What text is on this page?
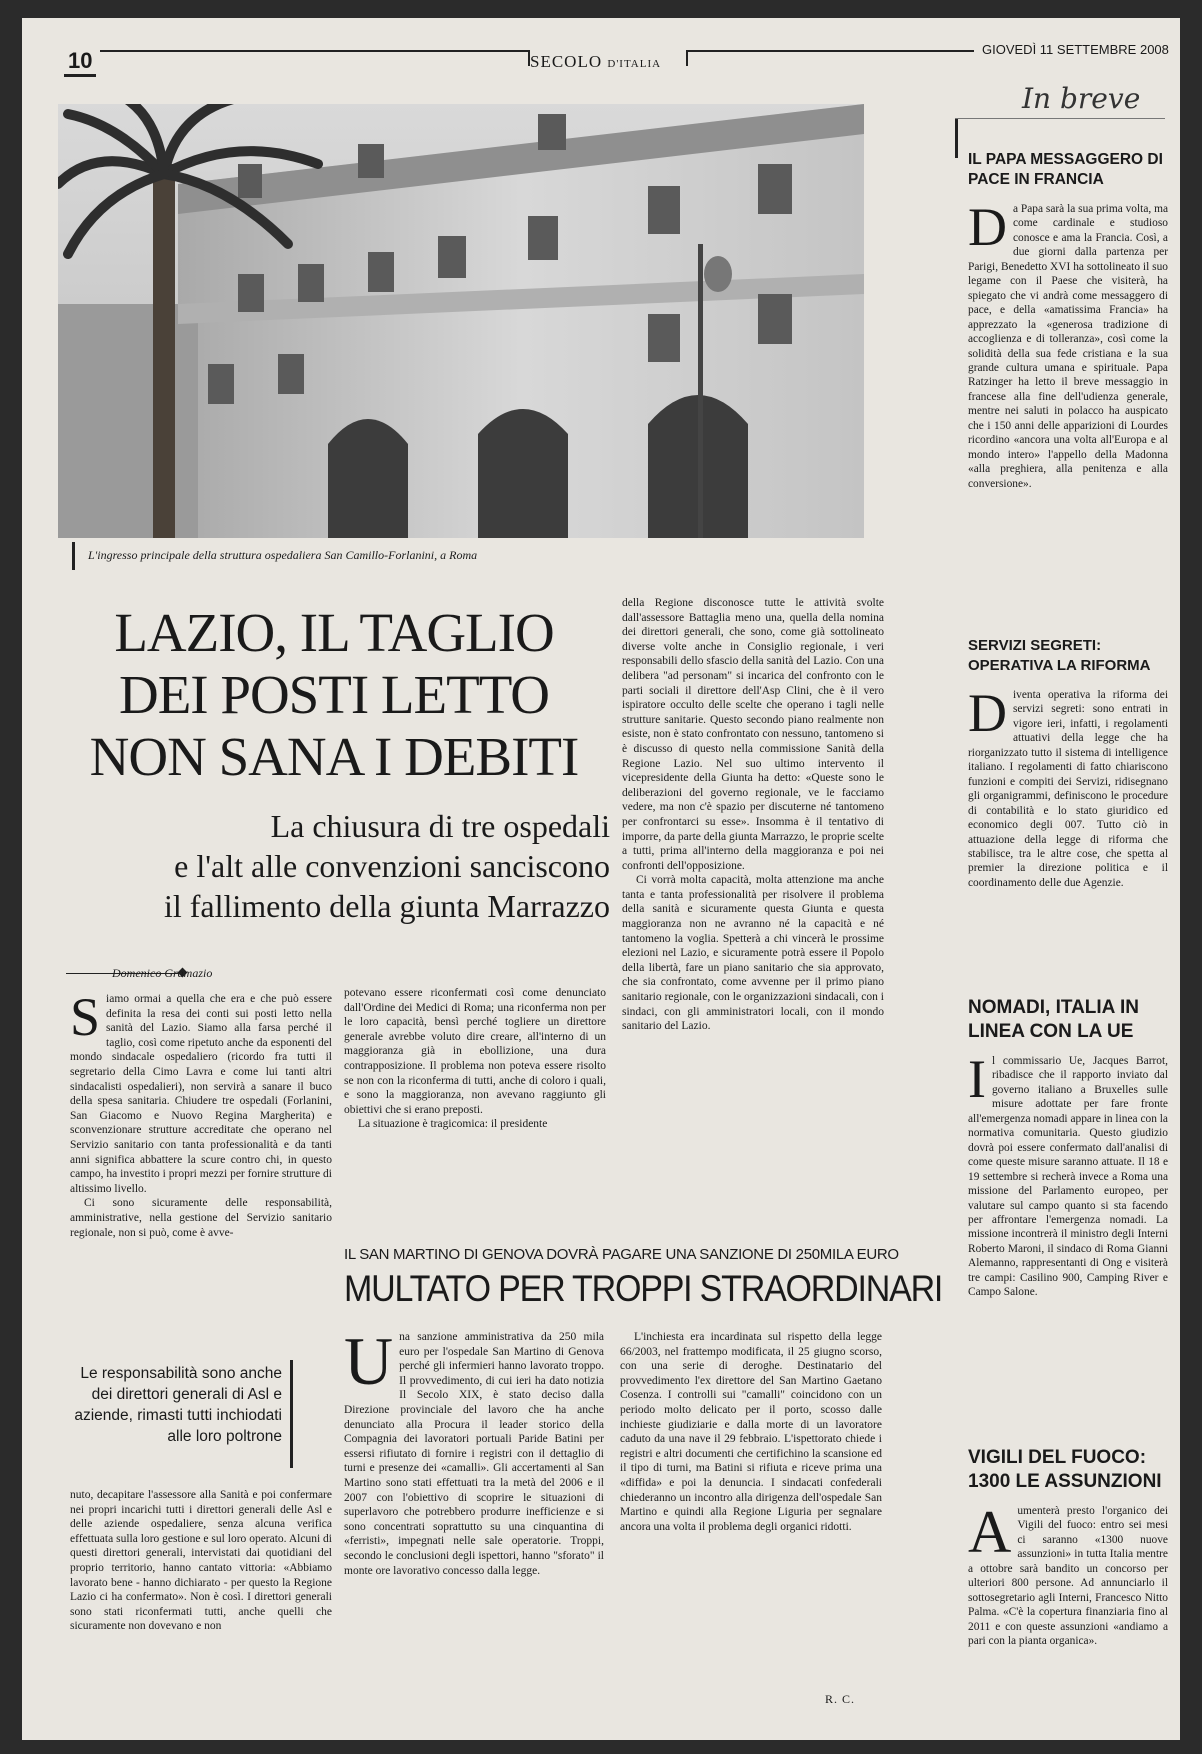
10	SECOLO D'ITALIA
GIOVEDÌ 11 SETTEMBRE 2008
In breve
L'ingresso principale della struttura ospedaliera San Camillo-Forlanini, a Roma
LAZIO, IL TAGLIO
DEI POSTI LETTO
NON SANA I DEBITI
La chiusura di tre ospedali
e l'alt alle convenzioni sanciscono
il fallimento della giunta Marrazzo
Domenico Gramazio

Siamo ormai a quella che era e che può essere definita la resa dei conti sui posti letto nella sanità del Lazio. Siamo alla farsa perché il taglio, così come ripetuto anche da esponenti del mondo sindacale ospedaliero (ricordo fra tutti il segretario della Cimo Lavra e come lui tanti altri sindacalisti ospedalieri), non servirà a sanare il buco della spesa sanitaria. Chiudere tre ospedali (Forlanini, San Giacomo e Nuovo Regina Margherita) e sconvenzionare strutture accreditate che operano nel Servizio sanitario con tanta professionalità e da tanti anni significa abbattere la scure contro chi, in questo campo, ha investito i propri mezzi per fornire strutture di altissimo livello.

Ci sono sicuramente delle responsabilità, amministrative, nella gestione del Servizio sanitario regionale, non si può, come è avve-

Le responsabilità sono anche dei direttori generali di Asl e aziende, rimasti tutti inchiodati alle loro poltrone

nuto, decapitare l'assessore alla Sanità e poi confermare nei propri incarichi tutti i direttori generali delle Asl e delle aziende ospedaliere, senza alcuna verifica effettuata sulla loro gestione e sul loro operato. Alcuni di questi direttori generali, intervistati dai quotidiani del proprio territorio, hanno cantato vittoria: «Abbiamo lavorato bene - hanno dichiarato - per questo la Regione Lazio ci ha confermato». Non è così. I direttori generali sono stati riconfermati tutti, anche quelli che sicuramente non dovevano e non

potevano essere riconfermati così come denunciato dall'Ordine dei Medici di Roma; una riconferma non per le loro capacità, bensì perché togliere un direttore generale avrebbe voluto dire creare, all'interno di un maggioranza già in ebollizione, una dura contrapposizione. Il problema non poteva essere risolto se non con la riconferma di tutti, anche di coloro i quali, e sono la maggioranza, non avevano raggiunto gli obiettivi che si erano preposti.

La situazione è tragicomica: il presidente

della Regione disconosce tutte le attività svolte dall'assessore Battaglia meno una, quella della nomina dei direttori generali, che sono, come già sottolineato diverse volte anche in Consiglio regionale, i veri responsabili dello sfascio della sanità del Lazio. Con una delibera "ad personam" si incarica del confronto con le parti sociali il direttore dell'Asp Clini, che è il vero ispiratore occulto delle scelte che operano i tagli nelle strutture sanitarie. Questo secondo piano realmente non esiste, non è stato confrontato con nessuno, tantomeno si è discusso di questo nella commissione Sanità della Regione Lazio. Nel suo ultimo intervento il vicepresidente della Giunta ha detto: «Queste sono le deliberazioni del governo regionale, ve le facciamo vedere, ma non c'è spazio per discuterne né tantomeno per confrontarci su esse». Insomma è il tentativo di imporre, da parte della giunta Marrazzo, le proprie scelte a tutti, prima all'interno della maggioranza e poi nei confronti dell'opposizione.

Ci vorrà molta capacità, molta attenzione ma anche tanta e tanta professionalità per risolvere il problema della sanità e sicuramente questa Giunta e questa maggioranza non ne avranno né la capacità e né tantomeno la voglia. Spetterà a chi vincerà le prossime elezioni nel Lazio, e sicuramente potrà essere il Popolo della libertà, fare un piano sanitario che sia approvato, che sia confrontato, come avvenne per il primo piano sanitario regionale, con le organizzazioni sindacali, con i sindaci, con gli amministratori locali, con il mondo sanitario del Lazio.

IL SAN MARTINO DI GENOVA DOVRÀ PAGARE UNA SANZIONE DI 250MILA EURO
MULTATO PER TROPPI STRAORDINARI

Una sanzione amministrativa da 250 mila euro per l'ospedale San Martino di Genova perché gli infermieri hanno lavorato troppo. Il provvedimento, di cui ieri ha dato notizia Il Secolo XIX, è stato deciso dalla Direzione provinciale del lavoro che ha anche denunciato alla Procura il leader storico della Compagnia dei lavoratori portuali Paride Batini per essersi rifiutato di fornire i registri con il dettaglio di turni e presenze dei «camalli». Gli accertamenti al San Martino sono stati effettuati tra la metà del 2006 e il 2007 con l'obiettivo di scoprire le situazioni di superlavoro che potrebbero produrre inefficienze e si sono concentrati soprattutto su una cinquantina di «ferristi», impegnati nelle sale operatorie. Troppi, secondo le conclusioni degli ispettori, hanno "sforato" il monte ore lavorativo concesso dalla legge.

L'inchiesta era incardinata sul rispetto della legge 66/2003, nel frattempo modificata, il 25 giugno scorso, con una serie di deroghe. Destinatario del provvedimento l'ex direttore del San Martino Gaetano Cosenza. I controlli sui "camalli" coincidono con un periodo molto delicato per il porto, scosso dalle inchieste giudiziarie e dalla morte di un lavoratore caduto da una nave il 29 febbraio. L'ispettorato chiede i registri e altri documenti che certifichino la scansione ed il tipo di turni, ma Batini si rifiuta e riceve prima una «diffida» e poi la denuncia. I sindacati confederali chiederanno un incontro alla dirigenza dell'ospedale San Martino e quindi alla Regione Liguria per segnalare ancora una volta il problema degli organici ridotti.

R. C.
IL PAPA MESSAGGERO DI PACE IN FRANCIA
Da Papa sarà la sua prima volta, ma come cardinale e studioso conosce e ama la Francia. Così, a due giorni dalla partenza per Parigi, Benedetto XVI ha sottolineato il suo legame con il Paese che visiterà, ha spiegato che vi andrà come messaggero di pace, e della «amatissima Francia» ha apprezzato la «generosa tradizione di accoglienza e di tolleranza», così come la solidità della sua fede cristiana e la sua grande cultura umana e spirituale. Papa Ratzinger ha letto il breve messaggio in francese alla fine dell'udienza generale, mentre nei saluti in polacco ha auspicato che i 150 anni delle apparizioni di Lourdes ricordino «ancora una volta all'Europa e al mondo intero» l'appello della Madonna «alla preghiera, alla penitenza e alla conversione».
SERVIZI SEGRETI: OPERATIVA LA RIFORMA
Diventa operativa la riforma dei servizi segreti: sono entrati in vigore ieri, infatti, i regolamenti attuativi della legge che ha riorganizzato tutto il sistema di intelligence italiano. I regolamenti di fatto chiariscono funzioni e compiti dei Servizi, ridisegnano gli organigrammi, definiscono le procedure di contabilità e lo stato giuridico ed economico degli 007. Tutto ciò in attuazione della legge di riforma che stabilisce, tra le altre cose, che spetta al premier la direzione politica e il coordinamento delle due Agenzie.
NOMADI, ITALIA IN LINEA CON LA UE
Il commissario Ue, Jacques Barrot, ribadisce che il rapporto inviato dal governo italiano a Bruxelles sulle misure adottate per fare fronte all'emergenza nomadi appare in linea con la normativa comunitaria. Questo giudizio dovrà poi essere confermato dall'analisi di come queste misure saranno attuate. Il 18 e 19 settembre si recherà invece a Roma una missione del Parlamento europeo, per valutare sul campo quanto si sta facendo per affrontare l'emergenza nomadi. La missione incontrerà il ministro degli Interni Roberto Maroni, il sindaco di Roma Gianni Alemanno, rappresentanti di Ong e visiterà tre campi: Casilino 900, Camping River e Campo Salone.
VIGILI DEL FUOCO: 1300 LE ASSUNZIONI
Aumenterà presto l'organico dei Vigili del fuoco: entro sei mesi ci saranno «1300 nuove assunzioni» in tutta Italia mentre a ottobre sarà bandito un concorso per ulteriori 800 persone. Ad annunciarlo il sottosegretario agli Interni, Francesco Nitto Palma. «C'è la copertura finanziaria fino al 2011 e con queste assunzioni «andiamo a pari con la pianta organica».
